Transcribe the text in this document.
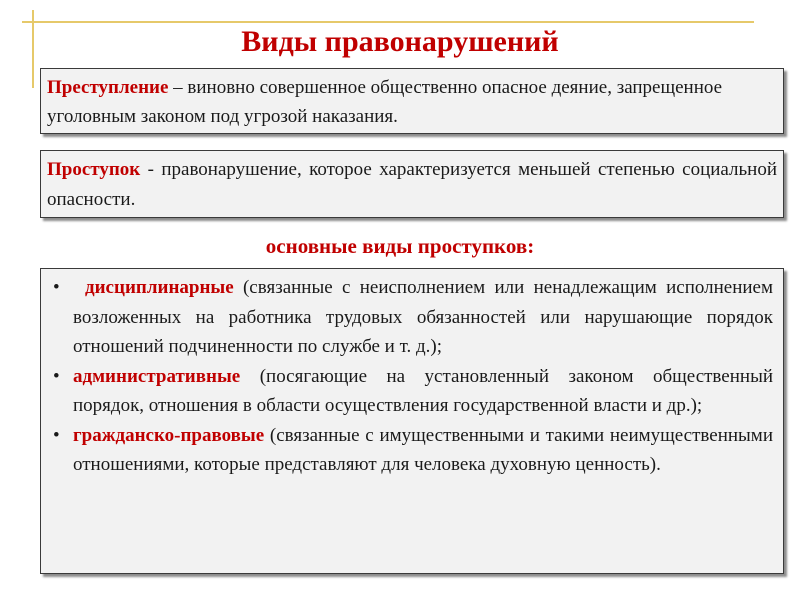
Виды правонарушений
Преступление – виновно совершенное общественно опасное деяние, запрещенное уголовным законом под угрозой наказания.
Проступок - правонарушение, которое характеризуется меньшей степенью социальной опасности.
основные виды проступков:
• дисциплинарные (связанные с неисполнением или ненадлежащим исполнением возложенных на работника трудовых обязанностей или нарушающие порядок отношений подчиненности по службе и т. д.);
• административные (посягающие на установленный законом общественный порядок, отношения в области осуществления государственной власти и др.);
• гражданско-правовые (связанные с имущественными и такими неимущественными отношениями, которые представляют для человека духовную ценность).
